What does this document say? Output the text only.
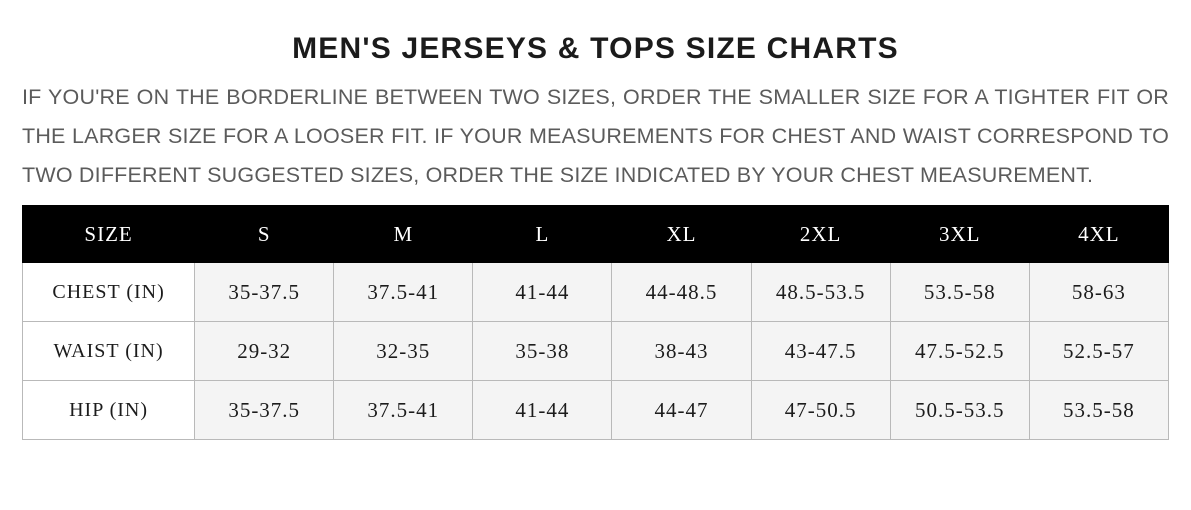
MEN'S JERSEYS & TOPS SIZE CHARTS

IF YOU'RE ON THE BORDERLINE BETWEEN TWO SIZES, ORDER THE SMALLER SIZE FOR A TIGHTER FIT OR THE LARGER SIZE FOR A LOOSER FIT. IF YOUR MEASUREMENTS FOR CHEST AND WAIST CORRESPOND TO TWO DIFFERENT SUGGESTED SIZES, ORDER THE SIZE INDICATED BY YOUR CHEST MEASUREMENT.

SIZE	S	M	L	XL	2XL	3XL	4XL
CHEST (IN)	35-37.5	37.5-41	41-44	44-48.5	48.5-53.5	53.5-58	58-63
WAIST (IN)	29-32	32-35	35-38	38-43	43-47.5	47.5-52.5	52.5-57
HIP (IN)	35-37.5	37.5-41	41-44	44-47	47-50.5	50.5-53.5	53.5-58
